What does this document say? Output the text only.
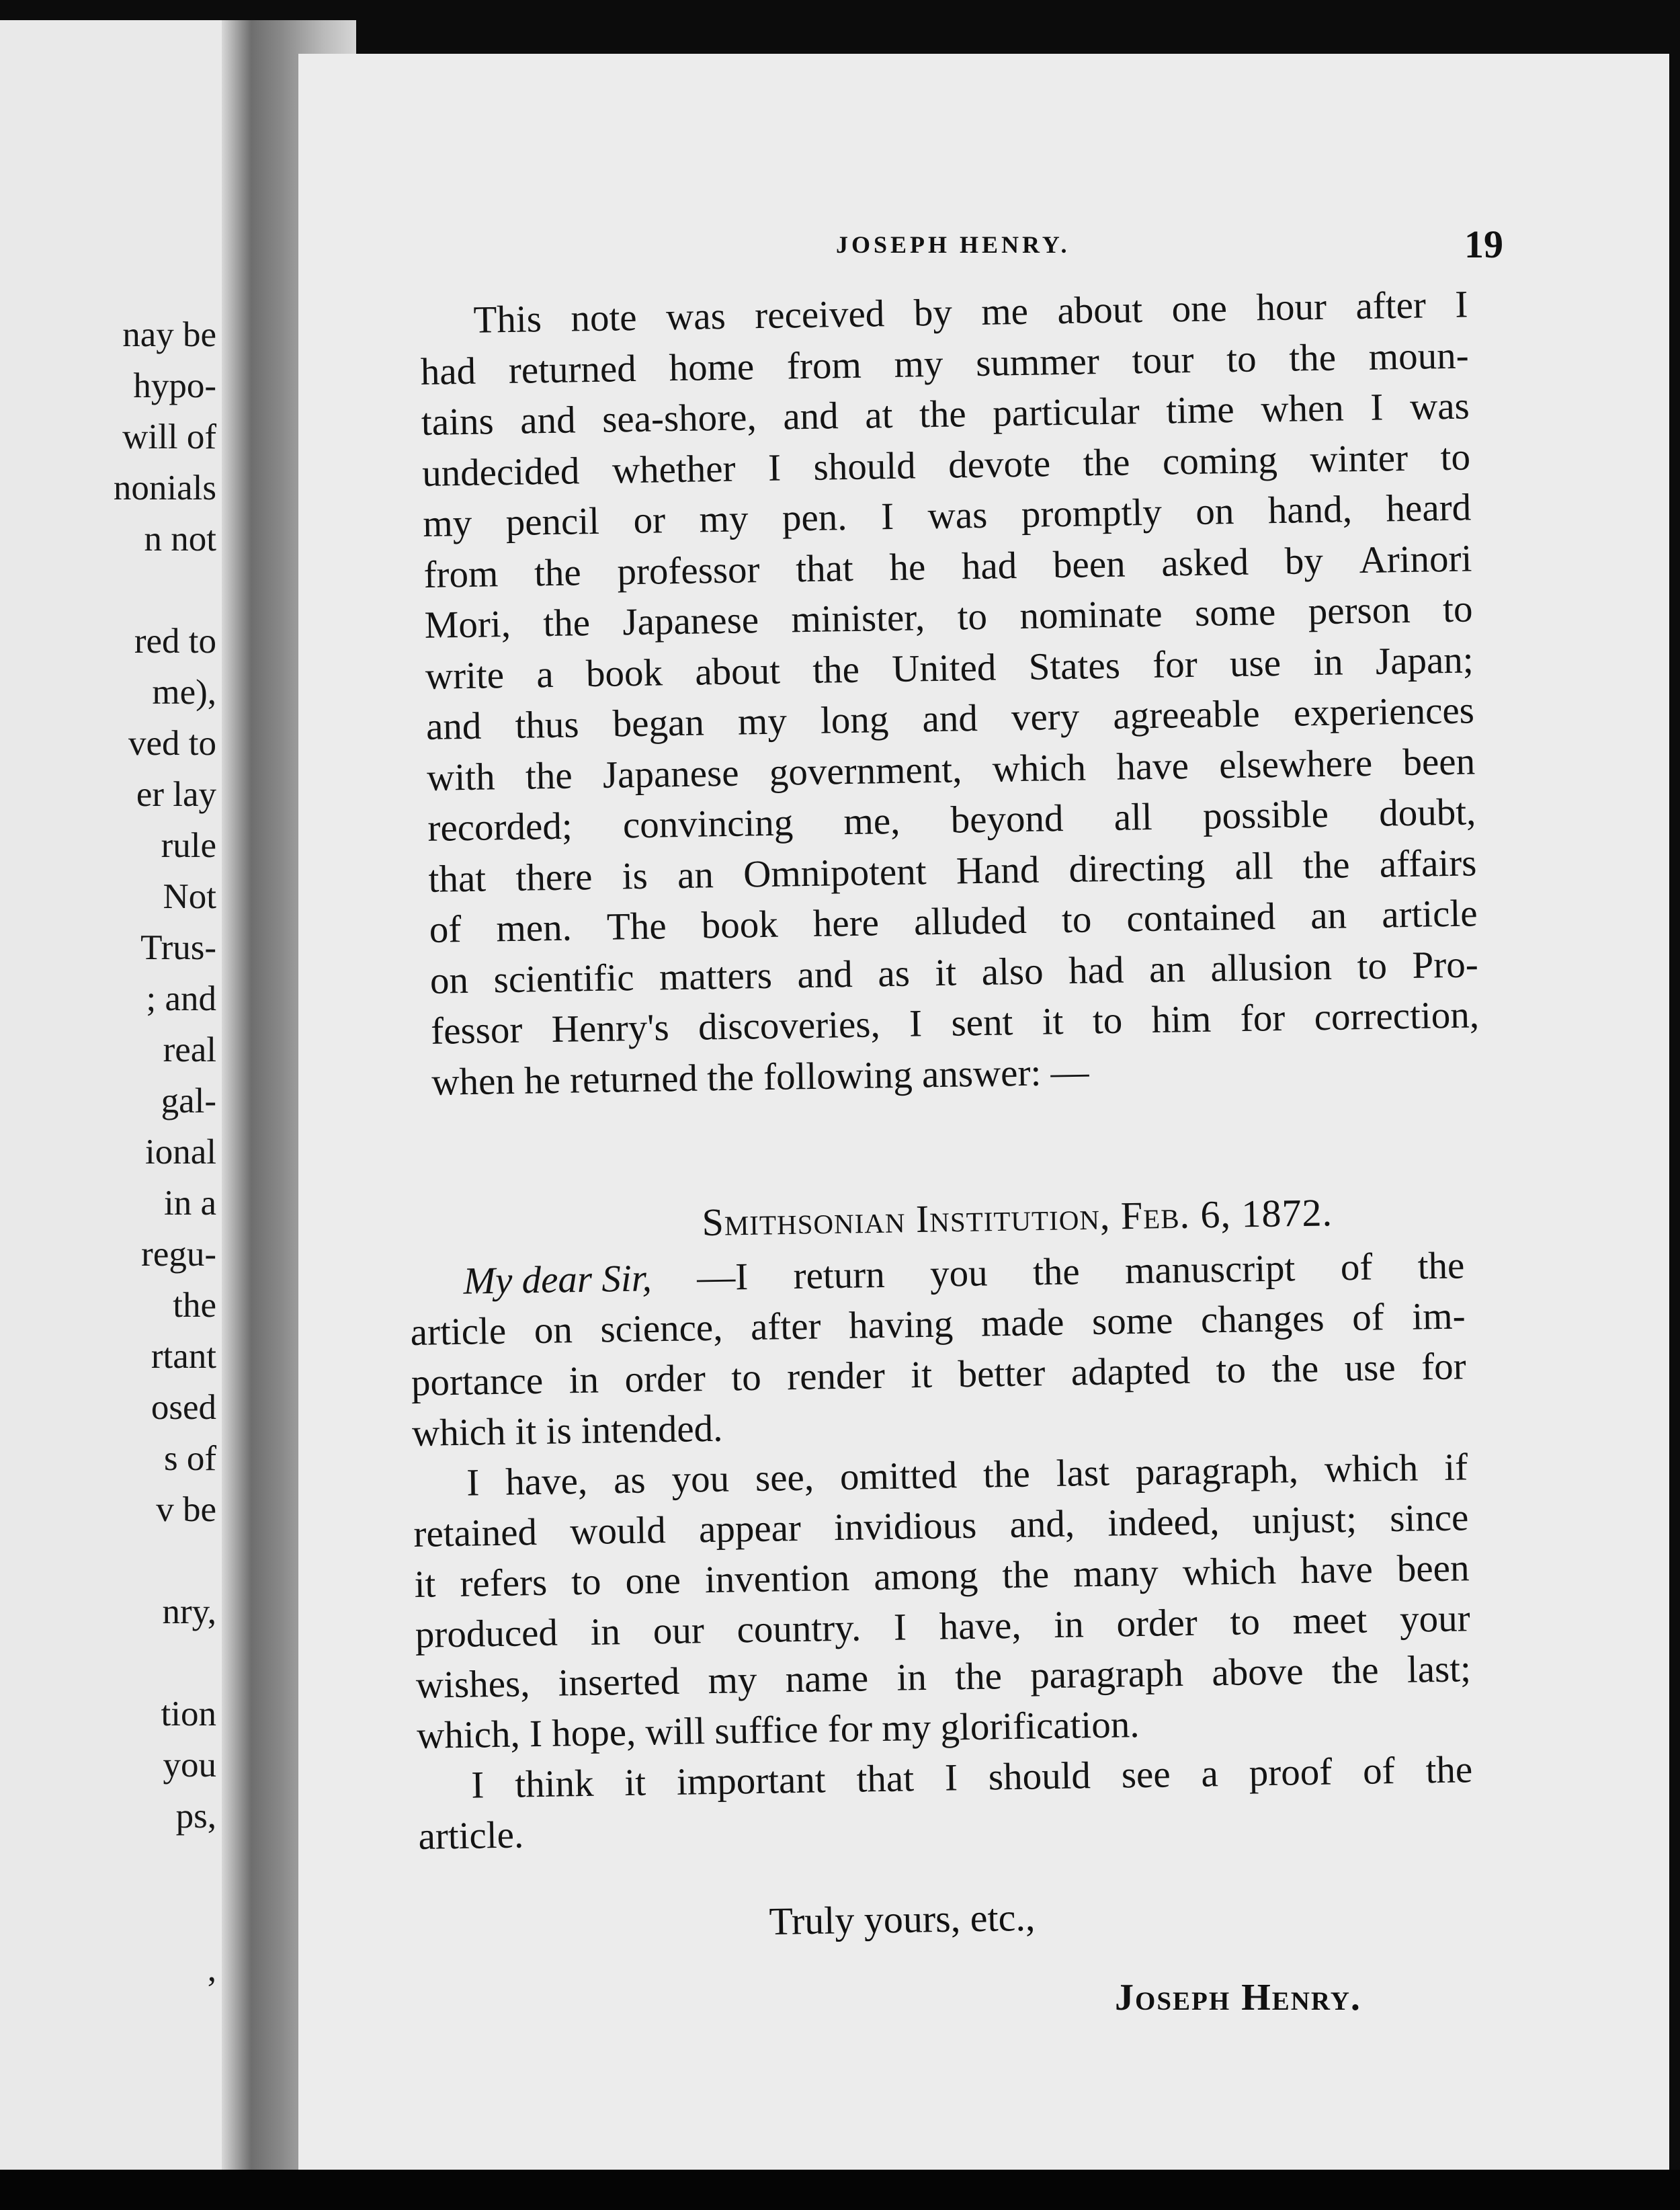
nay be
hypo-
will of
nonials
n not
red to
me),
ved to
er lay
rule
Not
Trus-
; and
real
gal-
ional
in a
regu-
the
rtant
osed
s of
v be
nry,
tion
you
ps,
,
JOSEPH HENRY.	19
This note was received by me about one hour after I
had returned home from my summer tour to the moun-
tains and sea-shore, and at the particular time when I was
undecided whether I should devote the coming winter to
my pencil or my pen. I was promptly on hand, heard
from the professor that he had been asked by Arinori
Mori, the Japanese minister, to nominate some person to
write a book about the United States for use in Japan;
and thus began my long and very agreeable experiences
with the Japanese government, which have elsewhere been
recorded; convincing me, beyond all possible doubt,
that there is an Omnipotent Hand directing all the affairs
of men. The book here alluded to contained an article
on scientific matters and as it also had an allusion to Pro-
fessor Henry's discoveries, I sent it to him for correction,
when he returned the following answer: —
Smithsonian Institution, Feb. 6, 1872.
My dear Sir, —I return you the manuscript of the
article on science, after having made some changes of im-
portance in order to render it better adapted to the use for
which it is intended.
I have, as you see, omitted the last paragraph, which if
retained would appear invidious and, indeed, unjust; since
it refers to one invention among the many which have been
produced in our country. I have, in order to meet your
wishes, inserted my name in the paragraph above the last;
which, I hope, will suffice for my glorification.
I think it important that I should see a proof of the
article.
Truly yours, etc.,
Joseph Henry.
